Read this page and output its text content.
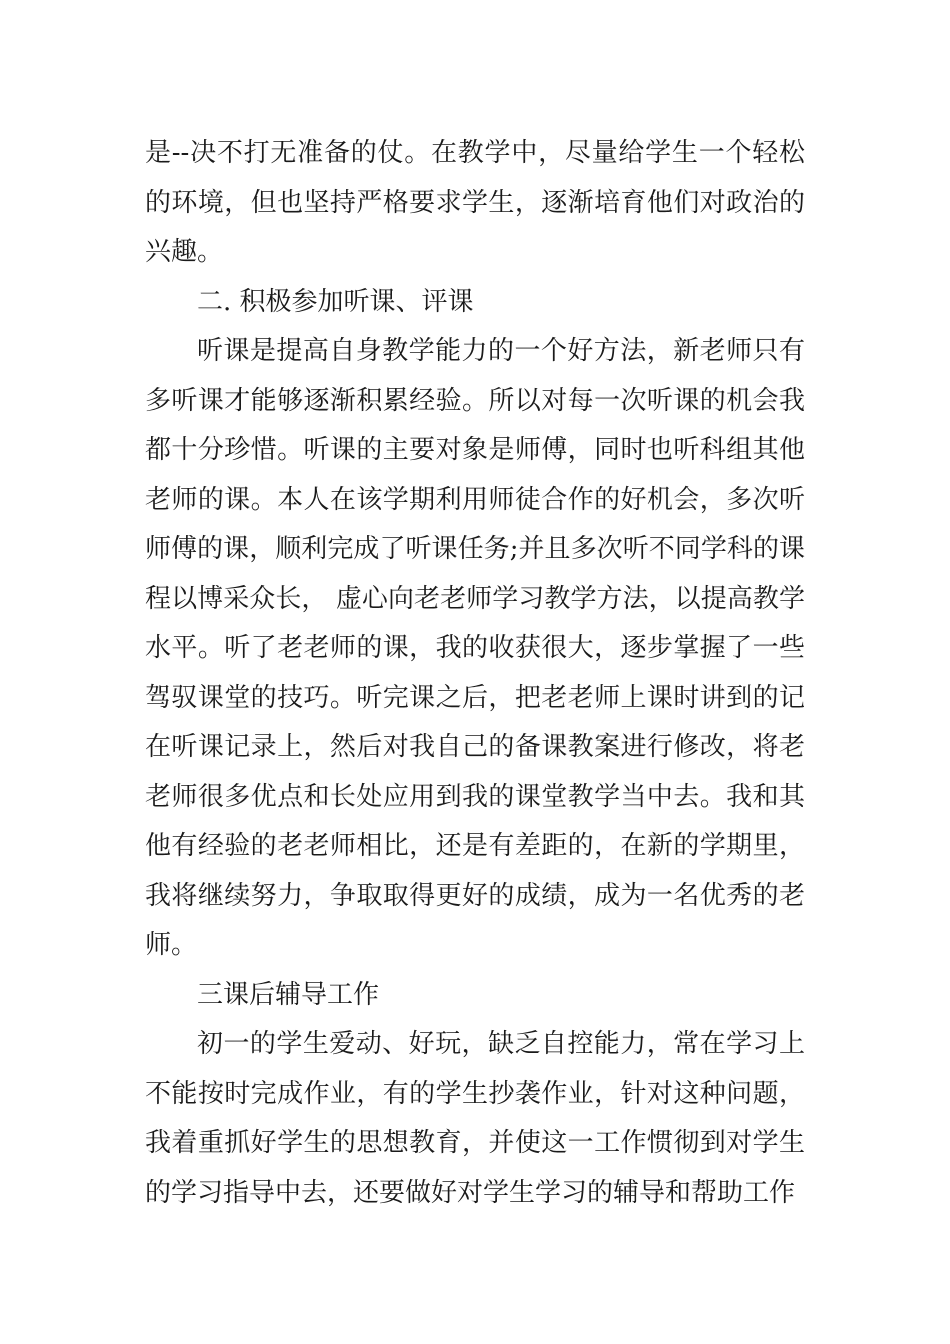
是--决不打无准备的仗。在教学中，尽量给学生一个轻松的环境，但也坚持严格要求学生，逐渐培育他们对政治的兴趣。

二. 积极参加听课、评课

听课是提高自身教学能力的一个好方法，新老师只有多听课才能够逐渐积累经验。所以对每一次听课的机会我都十分珍惜。听课的主要对象是师傅，同时也听科组其他老师的课。本人在该学期利用师徒合作的好机会，多次听师傅的课，顺利完成了听课任务;并且多次听不同学科的课程以博采众长， 虚心向老老师学习教学方法，以提高教学水平。听了老老师的课，我的收获很大，逐步掌握了一些驾驭课堂的技巧。听完课之后，把老老师上课时讲到的记在听课记录上，然后对我自己的备课教案进行修改，将老老师很多优点和长处应用到我的课堂教学当中去。我和其他有经验的老老师相比，还是有差距的，在新的学期里，我将继续努力，争取取得更好的成绩，成为一名优秀的老师。

三课后辅导工作

初一的学生爱动、好玩，缺乏自控能力，常在学习上不能按时完成作业，有的学生抄袭作业，针对这种问题，我着重抓好学生的思想教育，并使这一工作惯彻到对学生的学习指导中去，还要做好对学生学习的辅导和帮助工作
